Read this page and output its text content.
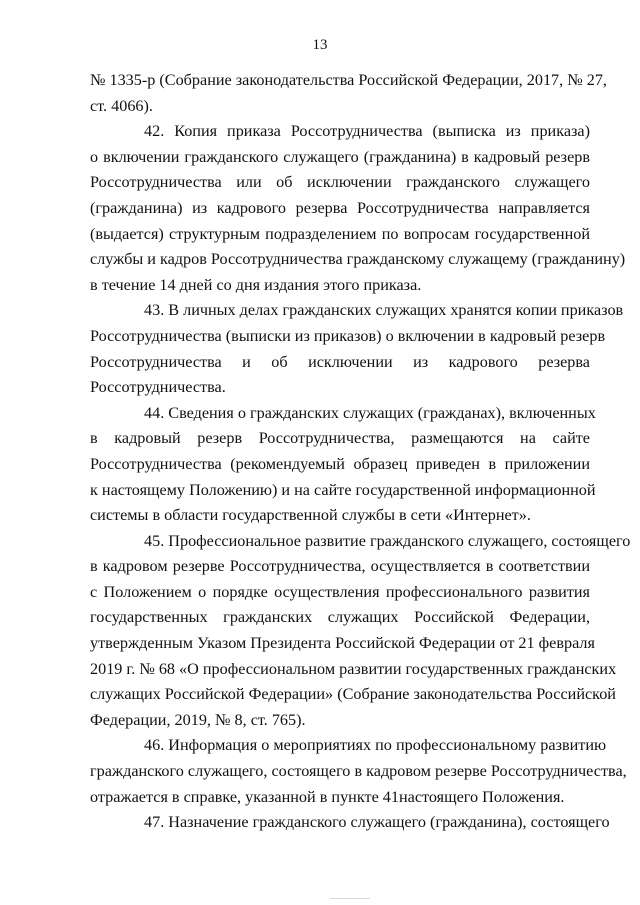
13
№ 1335-р (Собрание законодательства Российской Федерации, 2017, № 27,
ст. 4066).
42. Копия приказа Россотрудничества (выписка из приказа)
о включении гражданского служащего (гражданина) в кадровый резерв
Россотрудничества или об исключении гражданского служащего
(гражданина) из кадрового резерва Россотрудничества направляется
(выдается) структурным подразделением по вопросам государственной
службы и кадров Россотрудничества гражданскому служащему (гражданину)
в течение 14 дней со дня издания этого приказа.
43. В личных делах гражданских служащих хранятся копии приказов
Россотрудничества (выписки из приказов) о включении в кадровый резерв
Россотрудничества и об исключении из кадрового резерва
Россотрудничества.
44. Сведения о гражданских служащих (гражданах), включенных
в кадровый резерв Россотрудничества, размещаются на сайте
Россотрудничества (рекомендуемый образец приведен в приложении
к настоящему Положению) и на сайте государственной информационной
системы в области государственной службы в сети «Интернет».
45. Профессиональное развитие гражданского служащего, состоящего
в кадровом резерве Россотрудничества, осуществляется в соответствии
с Положением о порядке осуществления профессионального развития
государственных гражданских служащих Российской Федерации,
утвержденным Указом Президента Российской Федерации от 21 февраля
2019 г. № 68 «О профессиональном развитии государственных гражданских
служащих Российской Федерации» (Собрание законодательства Российской
Федерации, 2019, № 8, ст. 765).
46. Информация о мероприятиях по профессиональному развитию
гражданского служащего, состоящего в кадровом резерве Россотрудничества,
отражается в справке, указанной в пункте 41настоящего Положения.
47. Назначение гражданского служащего (гражданина), состоящего
